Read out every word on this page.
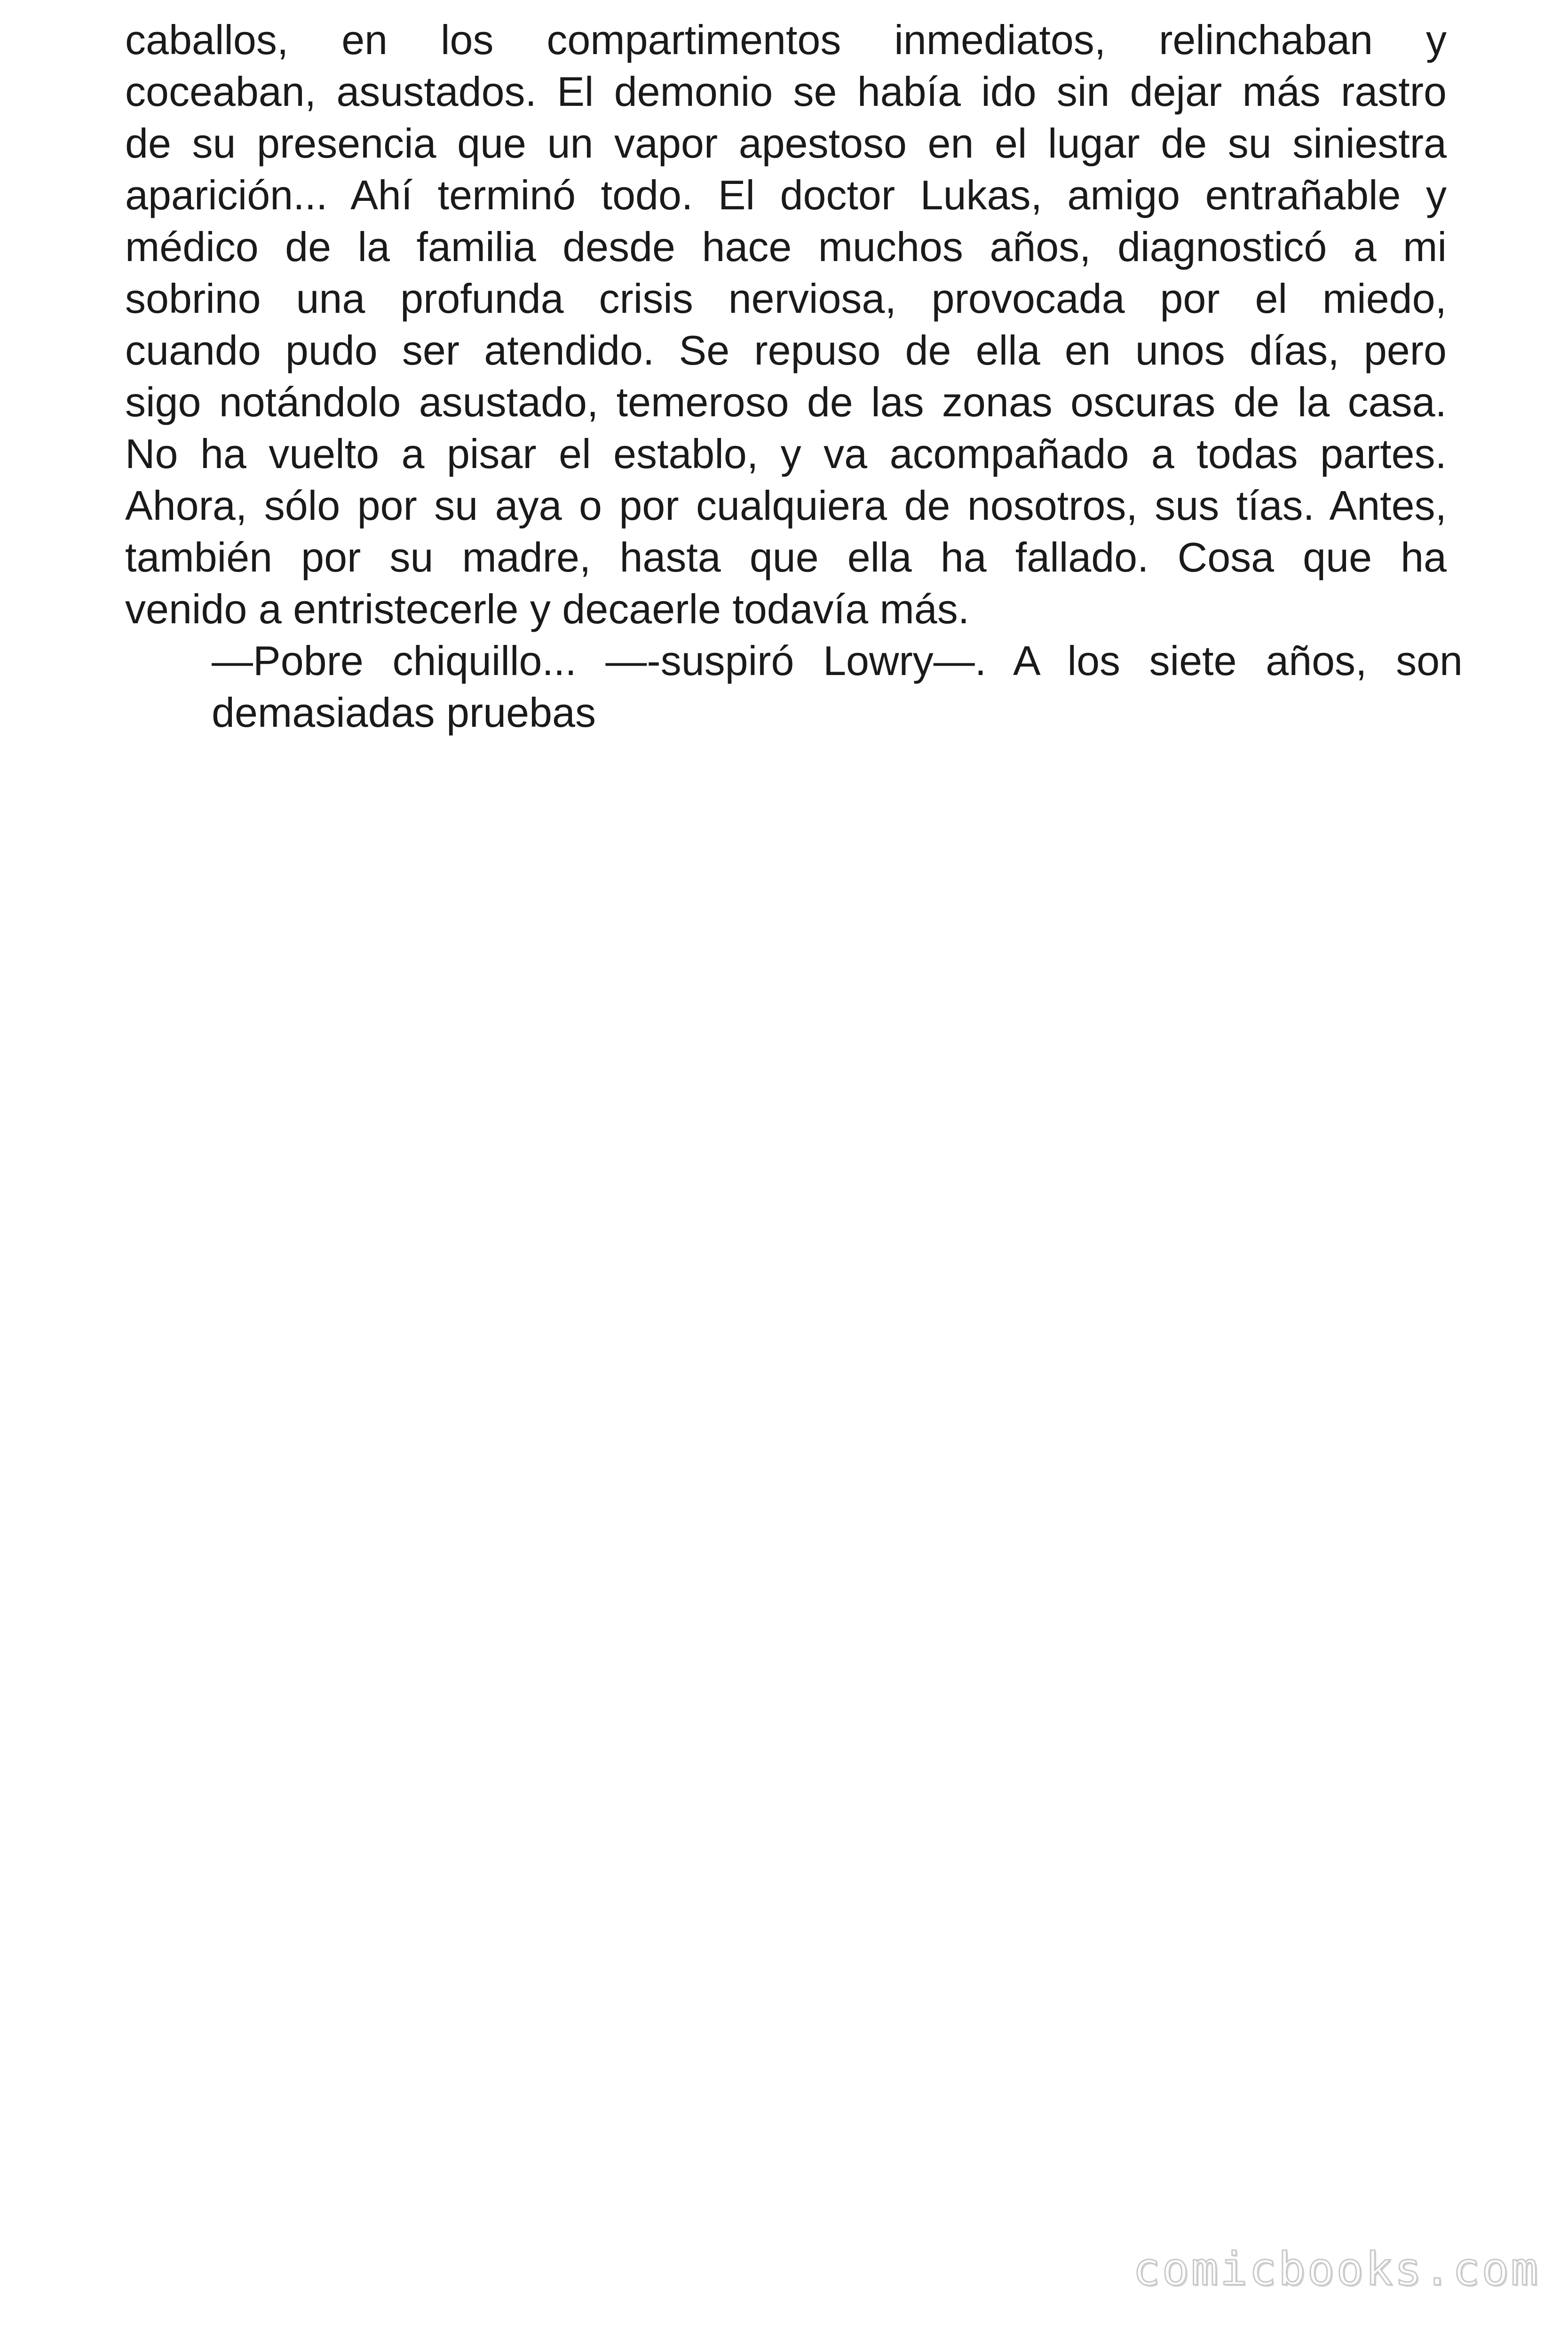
caballos, en los compartimentos inmediatos, relinchaban y
coceaban, asustados. El demonio se había ido sin dejar más rastro
de su presencia que un vapor apestoso en el lugar de su siniestra
aparición... Ahí terminó todo. El doctor Lukas, amigo entrañable y
médico de la familia desde hace muchos años, diagnosticó a mi
sobrino una profunda crisis nerviosa, provocada por el miedo,
cuando pudo ser atendido. Se repuso de ella en unos días, pero
sigo notándolo asustado, temeroso de las zonas oscuras de la casa.
No ha vuelto a pisar el establo, y va acompañado a todas partes.
Ahora, sólo por su aya o por cualquiera de nosotros, sus tías. Antes,
también por su madre, hasta que ella ha fallado. Cosa que ha
venido a entristecerle y decaerle todavía más.
—Pobre chiquillo... —-suspiró Lowry—. A los siete años, son
demasiadas pruebas
comicbooks.com
